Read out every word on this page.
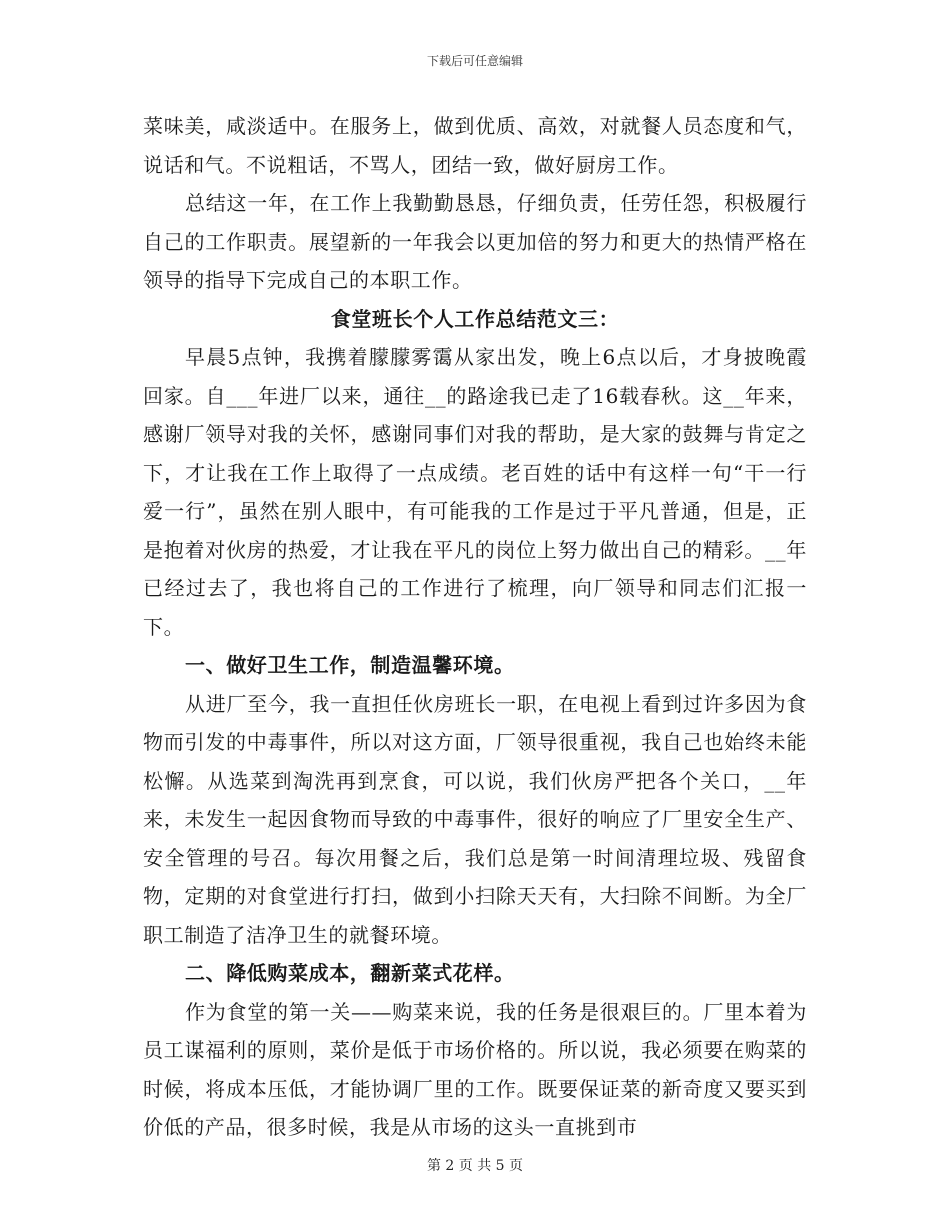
下载后可任意编辑

菜味美，咸淡适中。在服务上，做到优质、高效，对就餐人员态度和气，说话和气。不说粗话，不骂人，团结一致，做好厨房工作。

总结这一年，在工作上我勤勤恳恳，仔细负责，任劳任怨，积极履行自己的工作职责。展望新的一年我会以更加倍的努力和更大的热情严格在领导的指导下完成自己的本职工作。

食堂班长个人工作总结范文三：

早晨5点钟，我携着朦朦雾霭从家出发，晚上6点以后，才身披晚霞回家。自___年进厂以来，通往__的路途我已走了16载春秋。这__年来，感谢厂领导对我的关怀，感谢同事们对我的帮助，是大家的鼓舞与肯定之下，才让我在工作上取得了一点成绩。老百姓的话中有这样一句“干一行爱一行”，虽然在别人眼中，有可能我的工作是过于平凡普通，但是，正是抱着对伙房的热爱，才让我在平凡的岗位上努力做出自己的精彩。__年已经过去了，我也将自己的工作进行了梳理，向厂领导和同志们汇报一下。

一、做好卫生工作，制造温馨环境。

从进厂至今，我一直担任伙房班长一职，在电视上看到过许多因为食物而引发的中毒事件，所以对这方面，厂领导很重视，我自己也始终未能松懈。从选菜到淘洗再到烹食，可以说，我们伙房严把各个关口，__年来，未发生一起因食物而导致的中毒事件，很好的响应了厂里安全生产、安全管理的号召。每次用餐之后，我们总是第一时间清理垃圾、残留食物，定期的对食堂进行打扫，做到小扫除天天有，大扫除不间断。为全厂职工制造了洁净卫生的就餐环境。

二、降低购菜成本，翻新菜式花样。

作为食堂的第一关——购菜来说，我的任务是很艰巨的。厂里本着为员工谋福利的原则，菜价是低于市场价格的。所以说，我必须要在购菜的时候，将成本压低，才能协调厂里的工作。既要保证菜的新奇度又要买到价低的产品，很多时候，我是从市场的这头一直挑到市

第 2 页 共 5 页
